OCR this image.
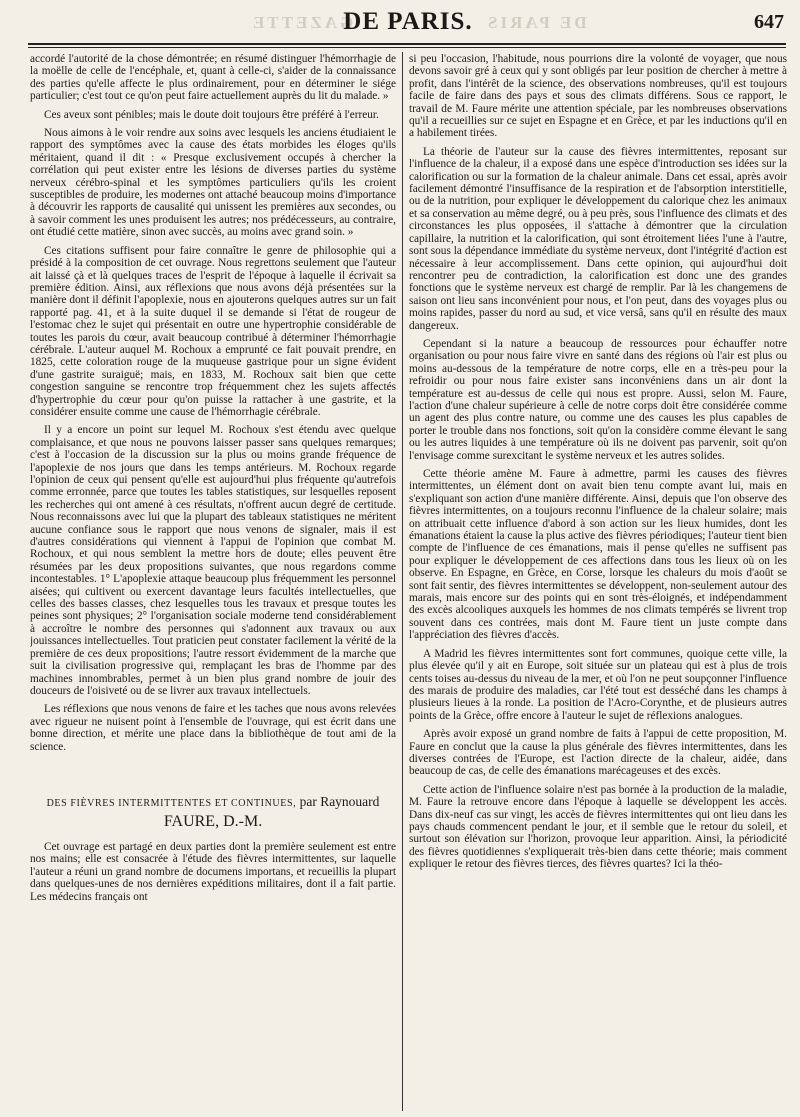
GAZETTE	DE PARIS
DE PARIS.	647

accordé l'autorité de la chose démontrée; en résumé distinguer l'hémorrhagie de la moëlle de celle de l'encéphale, et, quant à celle-ci, s'aider de la connaissance des parties qu'elle affecte le plus ordinairement, pour en déterminer le siége particulier; c'est tout ce qu'on peut faire actuellement auprès du lit du malade. »

Ces aveux sont pénibles; mais le doute doit toujours être préféré à l'erreur.

Nous aimons à le voir rendre aux soins avec lesquels les anciens étudiaient le rapport des symptômes avec la cause des états morbides les éloges qu'ils méritaient, quand il dit : « Presque exclusivement occupés à chercher la corrélation qui peut exister entre les lésions de diverses parties du système nerveux cérébro-spinal et les symptômes particuliers qu'ils les croient susceptibles de produire, les modernes ont attaché beaucoup moins d'importance à découvrir les rapports de causalité qui unissent les premières aux secondes, ou à savoir comment les unes produisent les autres; nos prédécesseurs, au contraire, ont étudié cette matière, sinon avec succès, au moins avec grand soin. »

Ces citations suffisent pour faire connaître le genre de philosophie qui a présidé à la composition de cet ouvrage. Nous regrettons seulement que l'auteur ait laissé çà et là quelques traces de l'esprit de l'époque à laquelle il écrivait sa première édition. Ainsi, aux réflexions que nous avons déjà présentées sur la manière dont il définit l'apoplexie, nous en ajouterons quelques autres sur un fait rapporté pag. 41, et à la suite duquel il se demande si l'état de rougeur de l'estomac chez le sujet qui présentait en outre une hypertrophie considérable de toutes les parois du cœur, avait beaucoup contribué à déterminer l'hémorrhagie cérébrale. L'auteur auquel M. Rochoux a emprunté ce fait pouvait prendre, en 1825, cette coloration rouge de la muqueuse gastrique pour un signe évident d'une gastrite suraiguë; mais, en 1833, M. Rochoux sait bien que cette congestion sanguine se rencontre trop fréquemment chez les sujets affectés d'hypertrophie du cœur pour qu'on puisse la rattacher à une gastrite, et la considérer ensuite comme une cause de l'hémorrhagie cérébrale.

Il y a encore un point sur lequel M. Rochoux s'est étendu avec quelque complaisance, et que nous ne pouvons laisser passer sans quelques remarques; c'est à l'occasion de la discussion sur la plus ou moins grande fréquence de l'apoplexie de nos jours que dans les temps antérieurs. M. Rochoux regarde l'opinion de ceux qui pensent qu'elle est aujourd'hui plus fréquente qu'autrefois comme erronnée, parce que toutes les tables statistiques, sur lesquelles reposent les recherches qui ont amené à ces résultats, n'offrent aucun degré de certitude. Nous reconnaissons avec lui que la plupart des tableaux statistiques ne méritent aucune confiance sous le rapport que nous venons de signaler, mais il est d'autres considérations qui viennent à l'appui de l'opinion que combat M. Rochoux, et qui nous semblent la mettre hors de doute; elles peuvent être résumées par les deux propositions suivantes, que nous regardons comme incontestables. 1° L'apoplexie attaque beaucoup plus fréquemment les personnel aisées; qui cultivent ou exercent davantage leurs facultés intellectuelles, que celles des basses classes, chez lesquelles tous les travaux et presque toutes les peines sont physiques; 2° l'organisation sociale moderne tend considérablement à accroître le nombre des personnes qui s'adonnent aux travaux ou aux jouissances intellectuelles. Tout praticien peut constater facilement la vérité de la première de ces deux propositions; l'autre ressort évidemment de la marche que suit la civilisation progressive qui, remplaçant les bras de l'homme par des machines innombrables, permet à un bien plus grand nombre de jouir des douceurs de l'oisiveté ou de se livrer aux travaux intellectuels.

Les réflexions que nous venons de faire et les taches que nous avons relevées avec rigueur ne nuisent point à l'ensemble de l'ouvrage, qui est écrit dans une bonne direction, et mérite une place dans la bibliothèque de tout ami de la science.

DES FIÈVRES INTERMITTENTES ET CONTINUES, par Raynouard FAURE, D.-M.

Cet ouvrage est partagé en deux parties dont la première seulement est entre nos mains; elle est consacrée à l'étude des fièvres intermittentes, sur laquelle l'auteur a réuni un grand nombre de documens importans, et recueillis la plupart dans quelques-unes de nos dernières expéditions militaires, dont il a fait partie. Les médecins français ont

si peu l'occasion, l'habitude, nous pourrions dire la volonté de voyager, que nous devons savoir gré à ceux qui y sont obligés par leur position de chercher à mettre à profit, dans l'intérêt de la science, des observations nombreuses, qu'il est toujours facile de faire dans des pays et sous des climats différens. Sous ce rapport, le travail de M. Faure mérite une attention spéciale, par les nombreuses observations qu'il a recueillies sur ce sujet en Espagne et en Grèce, et par les inductions qu'il en a habilement tirées.

La théorie de l'auteur sur la cause des fièvres intermittentes, reposant sur l'influence de la chaleur, il a exposé dans une espèce d'introduction ses idées sur la calorification ou sur la formation de la chaleur animale. Dans cet essai, après avoir facilement démontré l'insuffisance de la respiration et de l'absorption interstitielle, ou de la nutrition, pour expliquer le développement du calorique chez les animaux et sa conservation au même degré, ou à peu près, sous l'influence des climats et des circonstances les plus opposées, il s'attache à démontrer que la circulation capillaire, la nutrition et la calorification, qui sont étroitement liées l'une à l'autre, sont sous la dépendance immédiate du système nerveux, dont l'intégrité d'action est nécessaire à leur accomplissement. Dans cette opinion, qui aujourd'hui doit rencontrer peu de contradiction, la calorification est donc une des grandes fonctions que le système nerveux est chargé de remplir. Par là les changemens de saison ont lieu sans inconvénient pour nous, et l'on peut, dans des voyages plus ou moins rapides, passer du nord au sud, et vice versâ, sans qu'il en résulte des maux dangereux.

Cependant si la nature a beaucoup de ressources pour échauffer notre organisation ou pour nous faire vivre en santé dans des régions où l'air est plus ou moins au-dessous de la température de notre corps, elle en a très-peu pour la refroidir ou pour nous faire exister sans inconvéniens dans un air dont la température est au-dessus de celle qui nous est propre. Aussi, selon M. Faure, l'action d'une chaleur supérieure à celle de notre corps doit être considérée comme un agent des plus contre nature, ou comme une des causes les plus capables de porter le trouble dans nos fonctions, soit qu'on la considère comme élevant le sang ou les autres liquides à une température où ils ne doivent pas parvenir, soit qu'on l'envisage comme surexcitant le système nerveux et les autres solides.

Cette théorie amène M. Faure à admettre, parmi les causes des fièvres intermittentes, un élément dont on avait bien tenu compte avant lui, mais en s'expliquant son action d'une manière différente. Ainsi, depuis que l'on observe des fièvres intermittentes, on a toujours reconnu l'influence de la chaleur solaire; mais on attribuait cette influence d'abord à son action sur les lieux humides, dont les émanations étaient la cause la plus active des fièvres périodiques; l'auteur tient bien compte de l'influence de ces émanations, mais il pense qu'elles ne suffisent pas pour expliquer le développement de ces affections dans tous les lieux où on les observe. En Espagne, en Grèce, en Corse, lorsque les chaleurs du mois d'août se sont fait sentir, des fièvres intermittentes se développent, non-seulement autour des marais, mais encore sur des points qui en sont très-éloignés, et indépendamment des excès alcooliques auxquels les hommes de nos climats tempérés se livrent trop souvent dans ces contrées, mais dont M. Faure tient un juste compte dans l'appréciation des fièvres d'accès.

A Madrid les fièvres intermittentes sont fort communes, quoique cette ville, la plus élevée qu'il y ait en Europe, soit située sur un plateau qui est à plus de trois cents toises au-dessus du niveau de la mer, et où l'on ne peut soupçonner l'influence des marais de produire des maladies, car l'été tout est desséché dans les champs à plusieurs lieues à la ronde. La position de l'Acro-Corynthe, et de plusieurs autres points de la Grèce, offre encore à l'auteur le sujet de réflexions analogues.

Après avoir exposé un grand nombre de faits à l'appui de cette proposition, M. Faure en conclut que la cause la plus générale des fièvres intermittentes, dans les diverses contrées de l'Europe, est l'action directe de la chaleur, aidée, dans beaucoup de cas, de celle des émanations marécageuses et des excès.

Cette action de l'influence solaire n'est pas bornée à la production de la maladie, M. Faure la retrouve encore dans l'époque à laquelle se développent les accès. Dans dix-neuf cas sur vingt, les accès de fièvres intermittentes qui ont lieu dans les pays chauds commencent pendant le jour, et il semble que le retour du soleil, et surtout son élévation sur l'horizon, provoque leur apparition. Ainsi, la périodicité des fièvres quotidiennes s'expliquerait très-bien dans cette théorie; mais comment expliquer le retour des fièvres tierces, des fièvres quartes? Ici la théo-
